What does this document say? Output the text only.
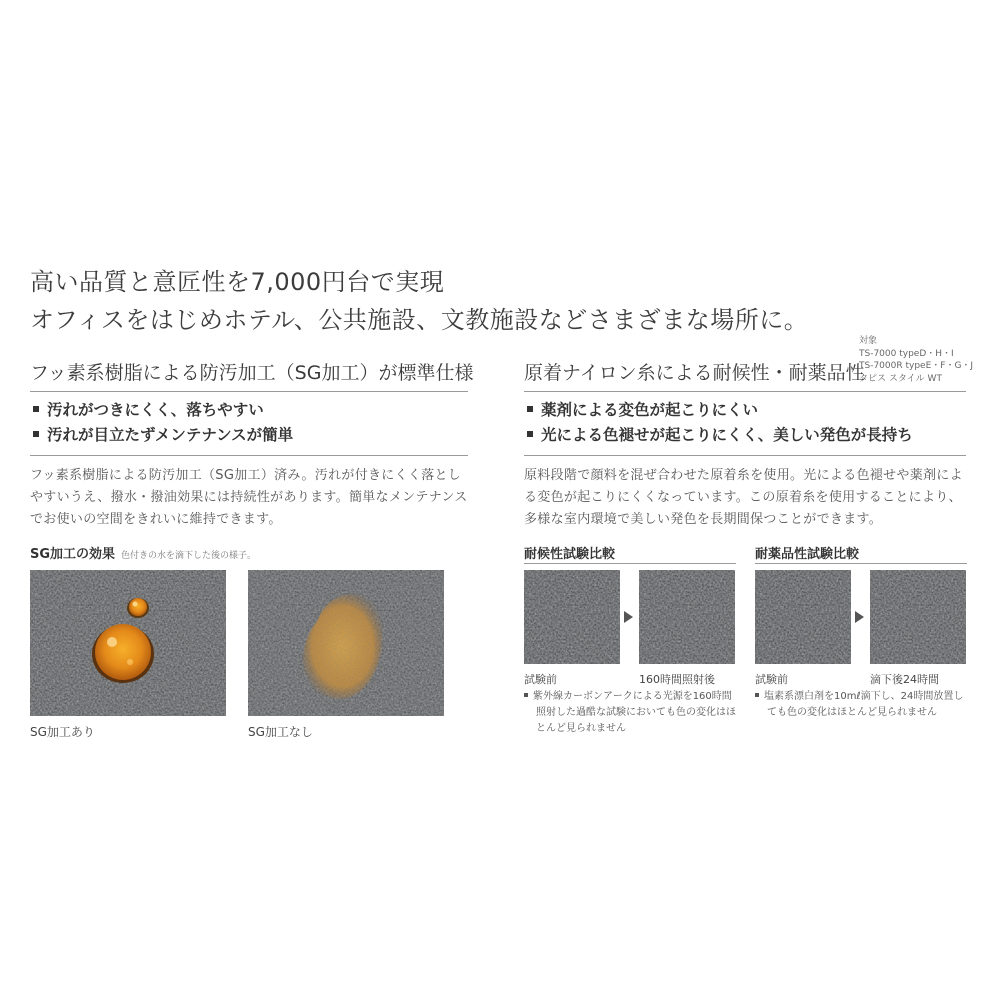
高い品質と意匠性を7,000円台で実現
オフィスをはじめホテル、公共施設、文教施設などさまざまな場所に。
フッ素系樹脂による防汚加工（SG加工）が標準仕様
汚れがつきにくく、落ちやすい
汚れが目立たずメンテナンスが簡単
フッ素系樹脂による防汚加工（SG加工）済み。汚れが付きにくく落としやすいうえ、撥水・撥油効果には持続性があります。簡単なメンテナンスでお使いの空間をきれいに維持できます。
SG加工の効果 色付きの水を滴下した後の様子。
SG加工あり	SG加工なし
原着ナイロン糸による耐候性・耐薬品性
対象
TS-7000 typeD・H・I
TS-7000R typeE・F・G・J
タピス スタイル WT
薬剤による変色が起こりにくい
光による色褪せが起こりにくく、美しい発色が長持ち
原料段階で顔料を混ぜ合わせた原着糸を使用。光による色褪せや薬剤による変色が起こりにくくなっています。この原着糸を使用することにより、多様な室内環境で美しい発色を長期間保つことができます。
耐候性試験比較
試験前	160時間照射後
紫外線カーボンアークによる光源を160時間照射した過酷な試験においても色の変化はほとんど見られません
耐薬品性試験比較
試験前	滴下後24時間
塩素系漂白剤を10mℓ滴下し、24時間放置しても色の変化はほとんど見られません
